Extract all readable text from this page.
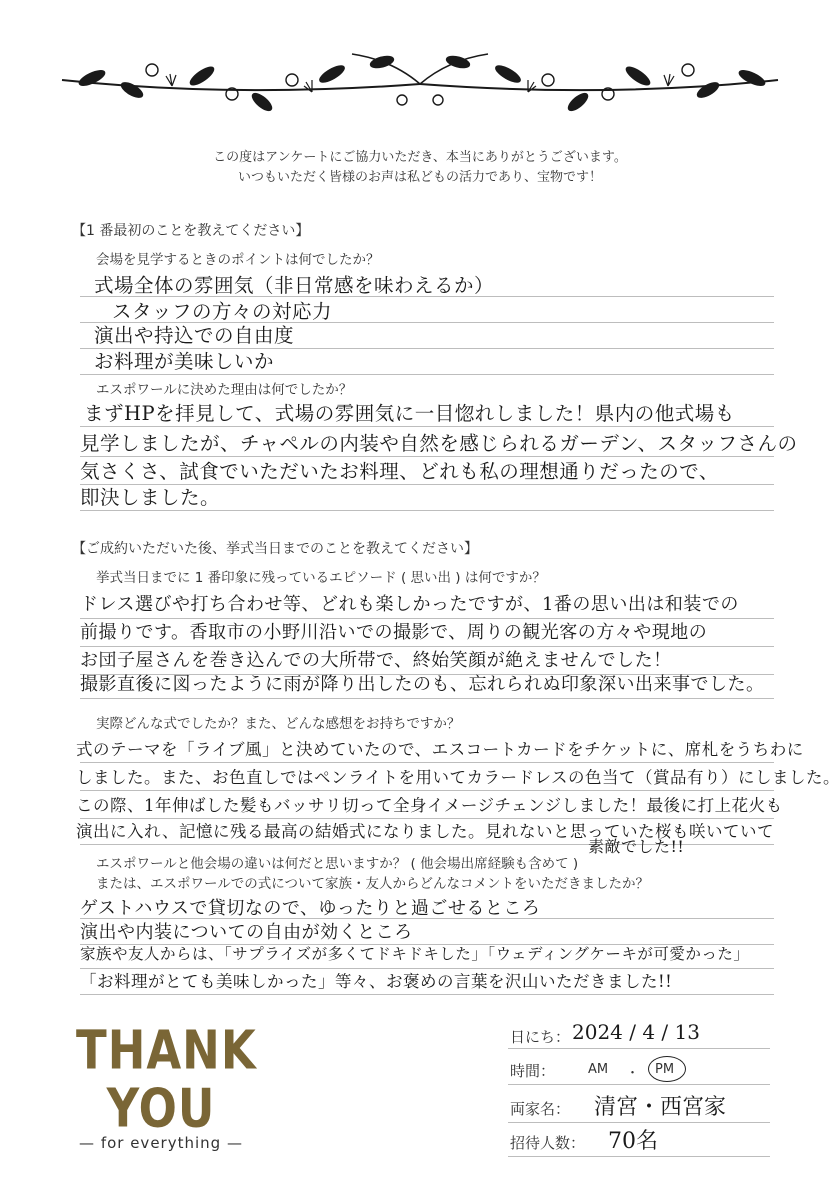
この度はアンケートにご協力いただき、本当にありがとうございます。
いつもいただく皆様のお声は私どもの活力であり、宝物です！
【1 番最初のことを教えてください】
会場を見学するときのポイントは何でしたか？
式場全体の雰囲気（非日常感を味わえるか）
スタッフの方々の対応力
演出や持込での自由度
お料理が美味しいか
エスポワールに決めた理由は何でしたか？
まずHPを拝見して、式場の雰囲気に一目惚れしました！県内の他式場も
見学しましたが、チャペルの内装や自然を感じられるガーデン、スタッフさんの
気さくさ、試食でいただいたお料理、どれも私の理想通りだったので、
即決しました。
【ご成約いただいた後、挙式当日までのことを教えてください】
挙式当日までに 1 番印象に残っているエピソード ( 思い出 ) は何ですか？
ドレス選びや打ち合わせ等、どれも楽しかったですが、1番の思い出は和装での
前撮りです。香取市の小野川沿いでの撮影で、周りの観光客の方々や現地の
お団子屋さんを巻き込んでの大所帯で、終始笑顔が絶えませんでした！
撮影直後に図ったように雨が降り出したのも、忘れられぬ印象深い出来事でした。
実際どんな式でしたか？また、どんな感想をお持ちですか？
式のテーマを「ライブ風」と決めていたので、エスコートカードをチケットに、席札をうちわに
しました。また、お色直しではペンライトを用いてカラードレスの色当て（賞品有り）にしました。
この際、1年伸ばした髪もバッサリ切って全身イメージチェンジしました！最後に打上花火も
演出に入れ、記憶に残る最高の結婚式になりました。見れないと思っていた桜も咲いていて
素敵でした!!
エスポワールと他会場の違いは何だと思いますか？ ( 他会場出席経験も含めて )
または、エスポワールでの式について家族・友人からどんなコメントをいただきましたか？
ゲストハウスで貸切なので、ゆったりと過ごせるところ
演出や内装についての自由が効くところ
家族や友人からは、「サプライズが多くてドキドキした」「ウェディングケーキが可愛かった」
「お料理がとても美味しかった」等々、お褒めの言葉を沢山いただきました!!
THANK
YOU
— for everything —
日にち： 2024 / 4 / 13
時間：	AM ・ PM
両家名： 清宮・西宮家
招待人数： 70名
